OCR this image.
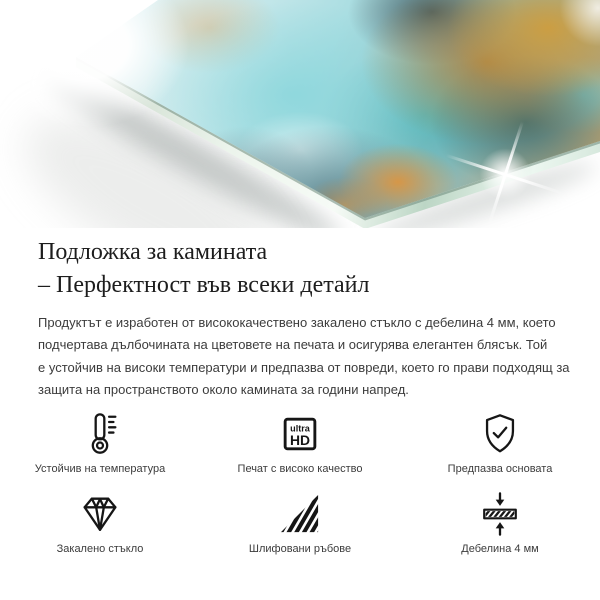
Подложка за камината
– Перфектност във всеки детайл

Продуктът е изработен от висококачествено закалено стъкло с дебелина 4 мм, което
подчертава дълбочината на цветовете на печата и осигурява елегантен блясък. Той
е устойчив на високи температури и предпазва от повреди, което го прави подходящ за
защита на пространството около камината за години напред.

Устойчив на температура
ultra
HD
Печат с високо качество	Предпазва основата
Закалено стъкло	Шлифовани ръбове	Дебелина 4 мм
